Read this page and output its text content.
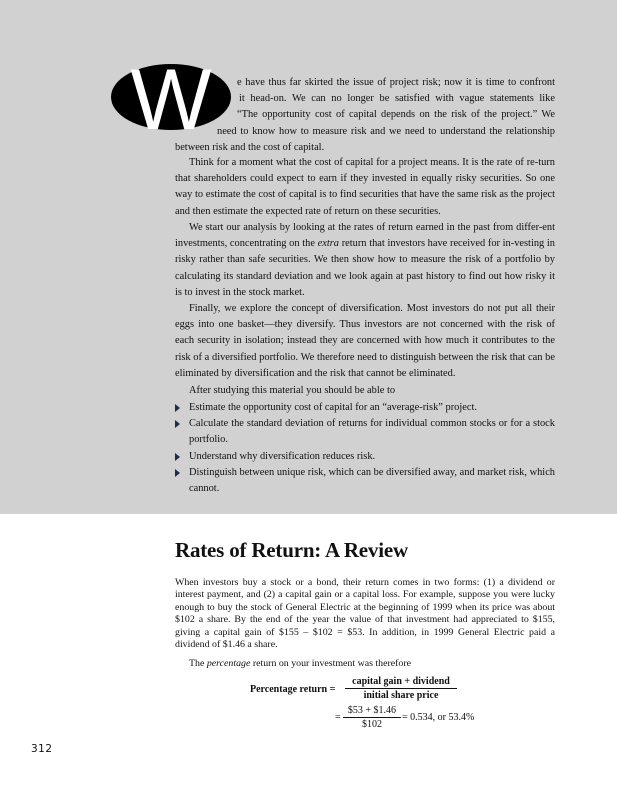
W e have thus far skirted the issue of project risk; now it is time to confront
it head-on. We can no longer be satisfied with vague statements like
“The opportunity cost of capital depends on the risk of the project.” We
need to know how to measure risk and we need to understand the relationship
between risk and the cost of capital.

Think for a moment what the cost of capital for a project means. It is the rate of re-turn that shareholders could expect to earn if they invested in equally risky securities. So one way to estimate the cost of capital is to find securities that have the same risk as the project and then estimate the expected rate of return on these securities.

We start our analysis by looking at the rates of return earned in the past from differ-ent investments, concentrating on the extra return that investors have received for in-vesting in risky rather than safe securities. We then show how to measure the risk of a portfolio by calculating its standard deviation and we look again at past history to find out how risky it is to invest in the stock market.

Finally, we explore the concept of diversification. Most investors do not put all their eggs into one basket—they diversify. Thus investors are not concerned with the risk of each security in isolation; instead they are concerned with how much it contributes to the risk of a diversified portfolio. We therefore need to distinguish between the risk that can be eliminated by diversification and the risk that cannot be eliminated.

After studying this material you should be able to

Estimate the opportunity cost of capital for an “average-risk” project.
Calculate the standard deviation of returns for individual common stocks or for a stock portfolio.
Understand why diversification reduces risk.
Distinguish between unique risk, which can be diversified away, and market risk, which cannot.
Rates of Return: A Review

When investors buy a stock or a bond, their return comes in two forms: (1) a dividend or interest payment, and (2) a capital gain or a capital loss. For example, suppose you were lucky enough to buy the stock of General Electric at the beginning of 1999 when its price was about $102 a share. By the end of the year the value of that investment had appreciated to $155, giving a capital gain of $155 – $102 = $53. In addition, in 1999 General Electric paid a dividend of $1.46 a share.

The percentage return on your investment was therefore

Percentage return =
capital gain + dividend
initial share price
= $\frac{\$53 + \$1.46}{\$102} = 0.534$, or 53.4%
312
